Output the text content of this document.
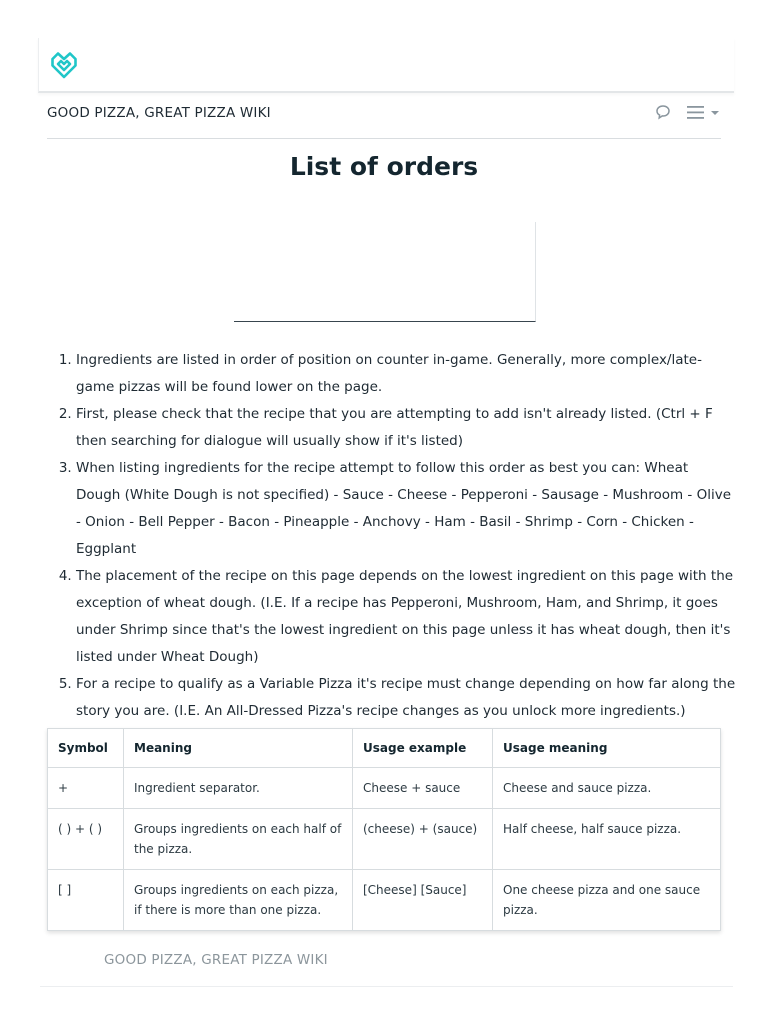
GOOD PIZZA, GREAT PIZZA WIKI
List of orders
1. Ingredients are listed in order of position on counter in-game. Generally, more complex/late-game pizzas will be found lower on the page.
2. First, please check that the recipe that you are attempting to add isn't already listed. (Ctrl + F then searching for dialogue will usually show if it's listed)
3. When listing ingredients for the recipe attempt to follow this order as best you can: Wheat Dough (White Dough is not specified) - Sauce - Cheese - Pepperoni - Sausage - Mushroom - Olive - Onion - Bell Pepper - Bacon - Pineapple - Anchovy - Ham - Basil - Shrimp - Corn - Chicken - Eggplant
4. The placement of the recipe on this page depends on the lowest ingredient on this page with the exception of wheat dough. (I.E. If a recipe has Pepperoni, Mushroom, Ham, and Shrimp, it goes under Shrimp since that's the lowest ingredient on this page unless it has wheat dough, then it's listed under Wheat Dough)
5. For a recipe to qualify as a Variable Pizza it's recipe must change depending on how far along the story you are. (I.E. An All-Dressed Pizza's recipe changes as you unlock more ingredients.)
Symbol	Meaning	Usage example	Usage meaning
+	Ingredient separator.	Cheese + sauce	Cheese and sauce pizza.
( ) + ( )	Groups ingredients on each half of the pizza.	(cheese) + (sauce)	Half cheese, half sauce pizza.
[ ]	Groups ingredients on each pizza, if there is more than one pizza.	[Cheese] [Sauce]	One cheese pizza and one sauce pizza.
GOOD PIZZA, GREAT PIZZA WIKI
